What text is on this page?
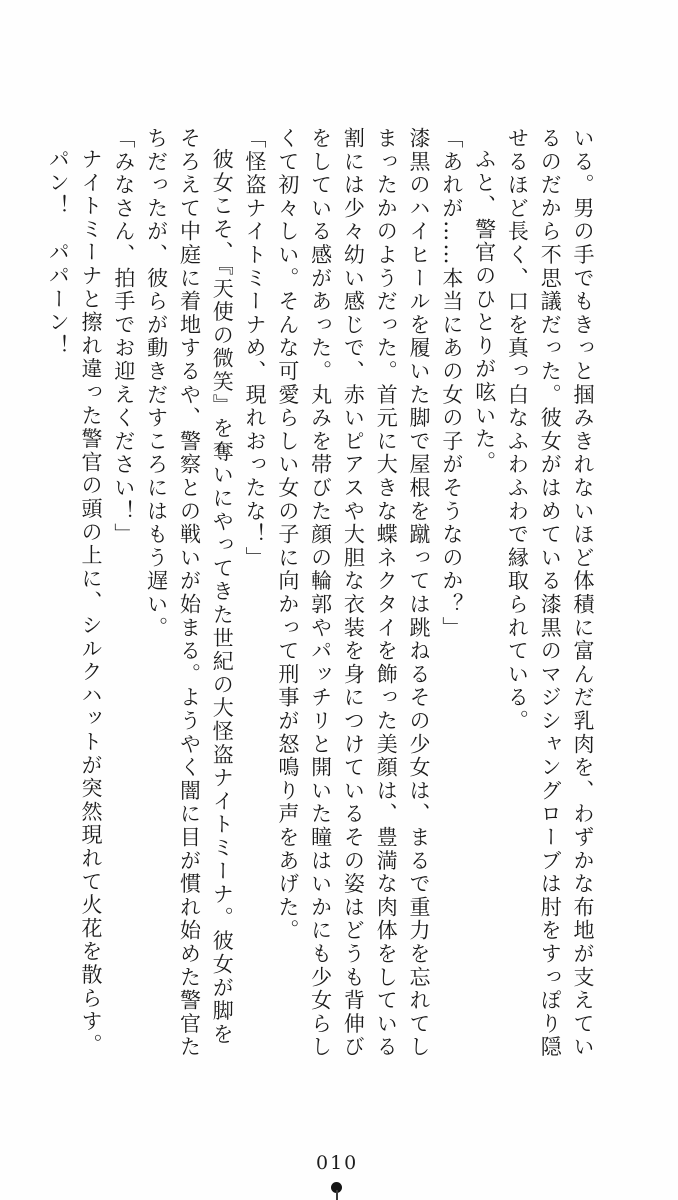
いる。男の手でもきっと掴みきれないほど体積に富んだ乳肉を、わずかな布地が支えているのだから不思議だった。彼女がはめている漆黒のマジシャングローブは肘をすっぽり隠せるほど長く、口を真っ白なふわふわで縁取られている。

ふと、警官のひとりが呟いた。

「あれが……本当にあの女の子がそうなのか？」

漆黒のハイヒールを履いた脚で屋根を蹴っては跳ねるその少女は、まるで重力を忘れてしまったかのようだった。首元に大きな蝶ネクタイを飾った美顔は、豊満な肉体をしている割には少々幼い感じで、赤いピアスや大胆な衣装を身につけているその姿はどうも背伸びをしている感があった。丸みを帯びた顔の輪郭やパッチリと開いた瞳はいかにも少女らしくて初々しい。そんな可愛らしい女の子に向かって刑事が怒鳴り声をあげた。

「怪盗ナイトミーナめ、現れおったな！」

彼女こそ、『天使の微笑』を奪いにやってきた世紀の大怪盗ナイトミーナ。彼女が脚をそろえて中庭に着地するや、警察との戦いが始まる。ようやく闇に目が慣れ始めた警官たちだったが、彼らが動きだすころにはもう遅い。

「みなさん、拍手でお迎えください！」

ナイトミーナと擦れ違った警官の頭の上に、シルクハットが突然現れて火花を散らす。

パン！　パパーン！

010
